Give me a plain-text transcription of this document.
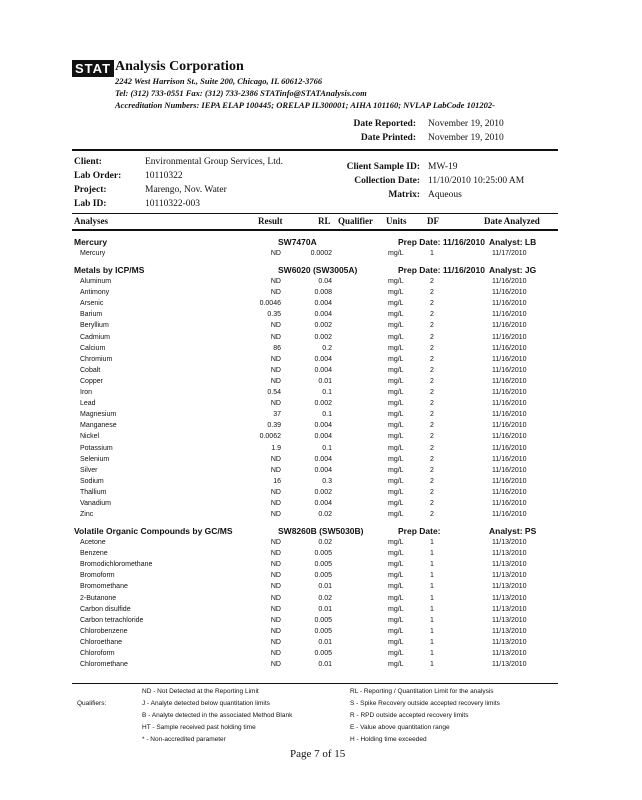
STAT Analysis Corporation
2242 West Harrison St., Suite 200, Chicago, IL 60612-3766
Tel: (312) 733-0551 Fax: (312) 733-2386 STATinfo@STATAnalysis.com
Accreditation Numbers: IEPA ELAP 100445; ORELAP IL300001; AIHA 101160; NVLAP LabCode 101202-
Date Reported: November 19, 2010
Date Printed: November 19, 2010
Client:	Environmental Group Services, Ltd.
Lab Order:	10110322
Project:	Marengo, Nov. Water
Lab ID:	10110322-003
Client Sample ID: MW-19
Collection Date: 11/10/2010 10:25:00 AM
Matrix: Aqueous
Analyses	Result	RL Qualifier Units DF	Date Analyzed
Mercury	SW7470A	Prep Date: 11/16/2010 Analyst: LB
Mercury	ND	0.0002	mg/L	1	11/17/2010
Metals by ICP/MS	SW6020 (SW3005A)	Prep Date: 11/16/2010 Analyst: JG
Aluminum	ND	0.04	mg/L	2	11/16/2010
Antimony	ND	0.008	mg/L	2	11/16/2010
Arsenic	0.0046	0.004	mg/L	2	11/16/2010
Barium	0.35	0.004	mg/L	2	11/16/2010
Beryllium	ND	0.002	mg/L	2	11/16/2010
Cadmium	ND	0.002	mg/L	2	11/16/2010
Calcium	86	0.2	mg/L	2	11/16/2010
Chromium	ND	0.004	mg/L	2	11/16/2010
Cobalt	ND	0.004	mg/L	2	11/16/2010
Copper	ND	0.01	mg/L	2	11/16/2010
Iron	0.54	0.1	mg/L	2	11/16/2010
Lead	ND	0.002	mg/L	2	11/16/2010
Magnesium	37	0.1	mg/L	2	11/16/2010
Manganese	0.39	0.004	mg/L	2	11/16/2010
Nickel	0.0062	0.004	mg/L	2	11/16/2010
Potassium	1.9	0.1	mg/L	2	11/16/2010
Selenium	ND	0.004	mg/L	2	11/16/2010
Silver	ND	0.004	mg/L	2	11/16/2010
Sodium	16	0.3	mg/L	2	11/16/2010
Thallium	ND	0.002	mg/L	2	11/16/2010
Vanadium	ND	0.004	mg/L	2	11/16/2010
Zinc	ND	0.02	mg/L	2	11/16/2010
Volatile Organic Compounds by GC/MS	SW8260B (SW5030B)	Prep Date:	Analyst: PS
Acetone	ND	0.02	mg/L	1	11/13/2010
Benzene	ND	0.005	mg/L	1	11/13/2010
Bromodichloromethane	ND	0.005	mg/L	1	11/13/2010
Bromoform	ND	0.005	mg/L	1	11/13/2010
Bromomethane	ND	0.01	mg/L	1	11/13/2010
2-Butanone	ND	0.02	mg/L	1	11/13/2010
Carbon disulfide	ND	0.01	mg/L	1	11/13/2010
Carbon tetrachloride	ND	0.005	mg/L	1	11/13/2010
Chlorobenzene	ND	0.005	mg/L	1	11/13/2010
Chloroethane	ND	0.01	mg/L	1	11/13/2010
Chloroform	ND	0.005	mg/L	1	11/13/2010
Chloromethane	ND	0.01	mg/L	1	11/13/2010
Qualifiers:
ND - Not Detected at the Reporting Limit
J - Analyte detected below quantitation limits
B - Analyte detected in the associated Method Blank
HT - Sample received past holding time
* - Non-accredited parameter
RL - Reporting / Quantitation Limit for the analysis
S - Spike Recovery outside accepted recovery limits
R - RPD outside accepted recovery limits
E - Value above quantitation range
H - Holding time exceeded
Page 7 of 15
